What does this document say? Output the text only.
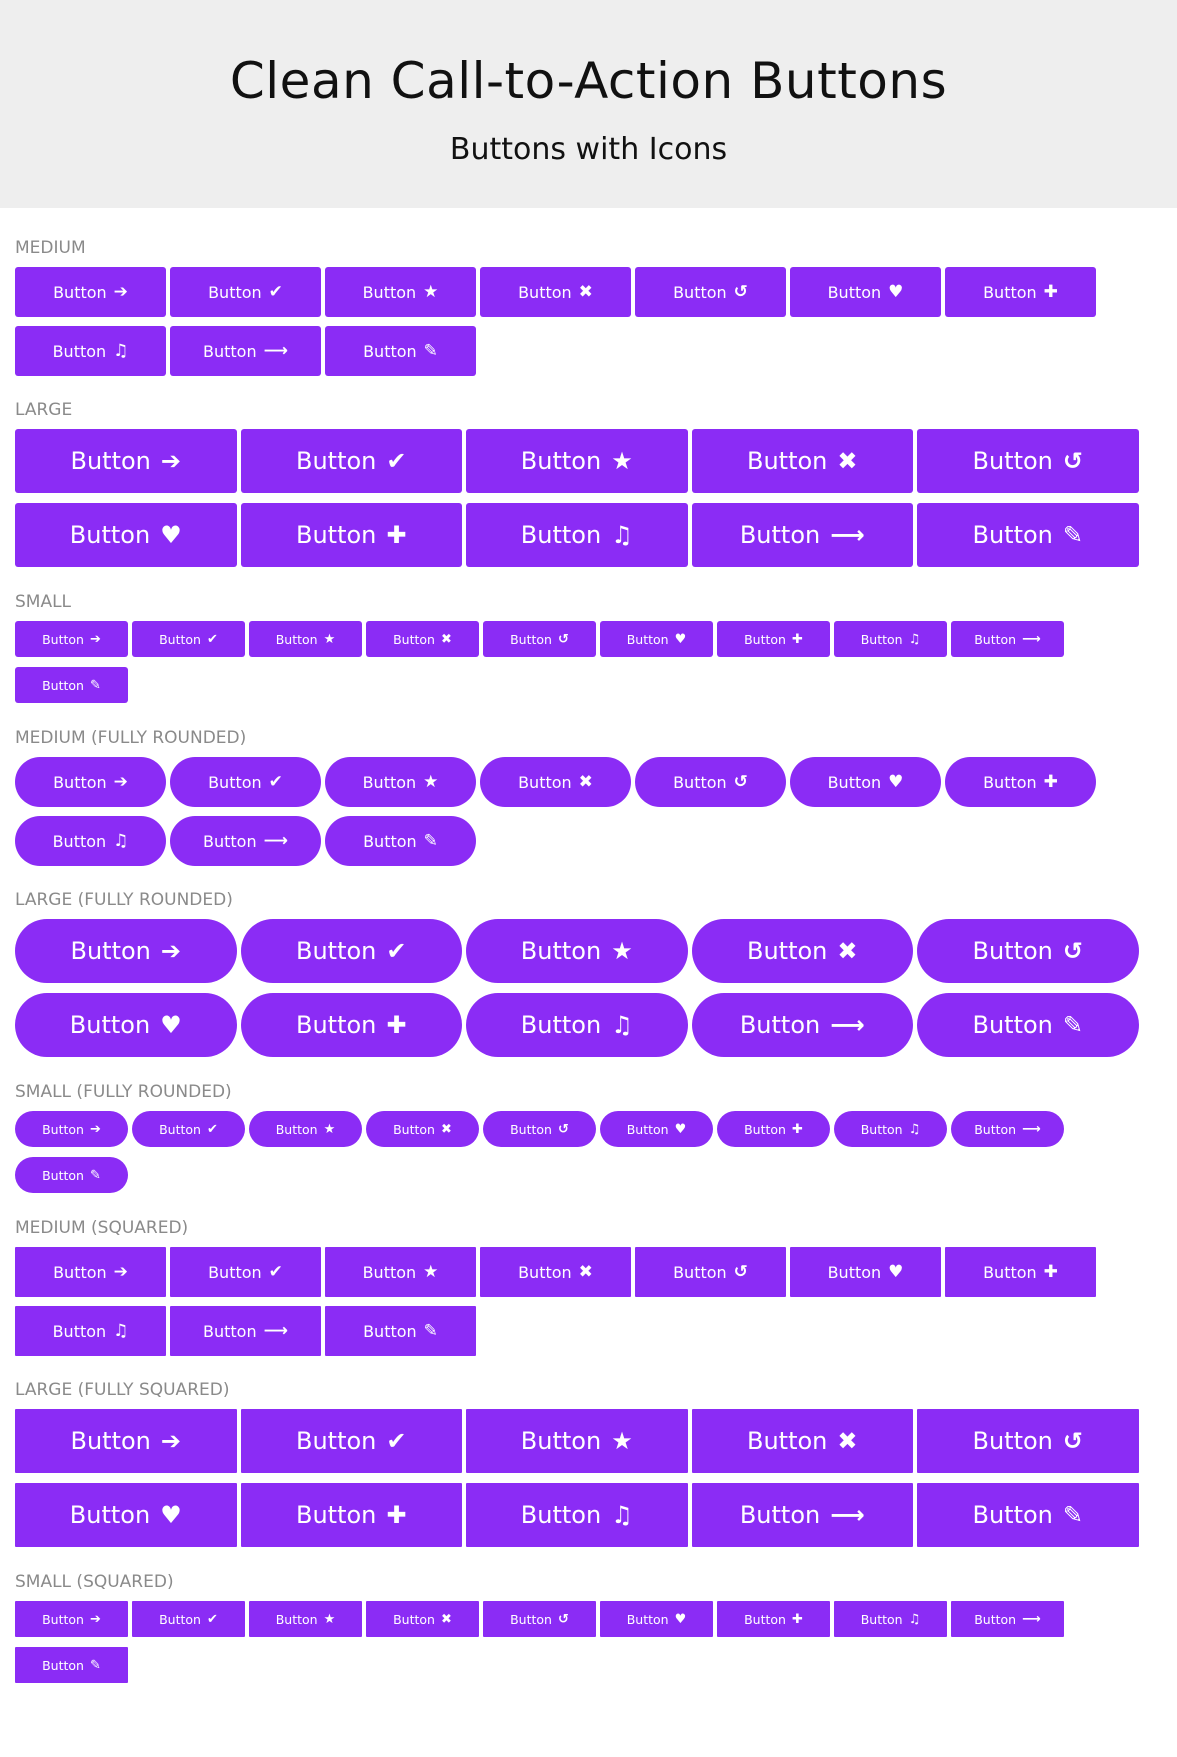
Clean Call-to-Action Buttons
Buttons with Icons
MEDIUM
Button ➔	Button ✔	Button ★	Button ✖	Button ↺	Button ♥	Button ✚
Button ♫	Button ⟶	Button ✎
LARGE
Button ➔	Button ✔	Button ★	Button ✖	Button ↺
Button ♥	Button ✚	Button ♫	Button ⟶	Button ✎
SMALL
Button ➔	Button ✔	Button ★	Button ✖	Button ↺	Button ♥	Button ✚	Button ♫	Button ⟶
Button ✎
MEDIUM (FULLY ROUNDED)
Button ➔	Button ✔	Button ★	Button ✖	Button ↺	Button ♥	Button ✚
Button ♫	Button ⟶	Button ✎
LARGE (FULLY ROUNDED)
Button ➔	Button ✔	Button ★	Button ✖	Button ↺
Button ♥	Button ✚	Button ♫	Button ⟶	Button ✎
SMALL (FULLY ROUNDED)
Button ➔	Button ✔	Button ★	Button ✖	Button ↺	Button ♥	Button ✚	Button ♫	Button ⟶
Button ✎
MEDIUM (SQUARED)
Button ➔	Button ✔	Button ★	Button ✖	Button ↺	Button ♥	Button ✚
Button ♫	Button ⟶	Button ✎
LARGE (FULLY SQUARED)
Button ➔	Button ✔	Button ★	Button ✖	Button ↺
Button ♥	Button ✚	Button ♫	Button ⟶	Button ✎
SMALL (SQUARED)
Button ➔	Button ✔	Button ★	Button ✖	Button ↺	Button ♥	Button ✚	Button ♫	Button ⟶
Button ✎
